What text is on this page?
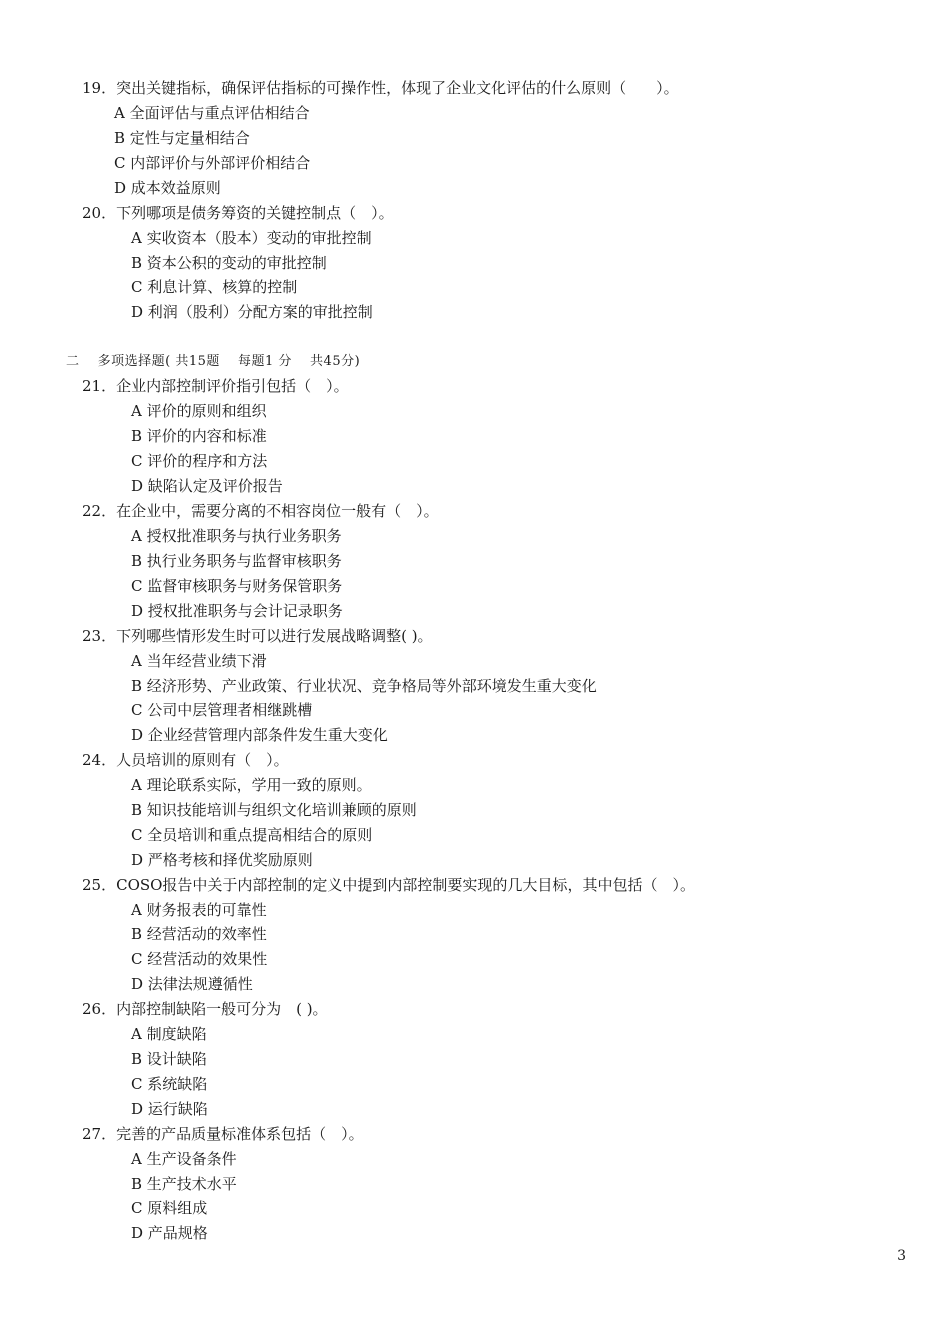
19．突出关键指标，确保评估指标的可操作性，体现了企业文化评估的什么原则（　　）。
A 全面评估与重点评估相结合
B 定性与定量相结合
C 内部评价与外部评价相结合
D 成本效益原则
20．下列哪项是债务筹资的关键控制点（　）。
A 实收资本（股本）变动的审批控制
B 资本公积的变动的审批控制
C 利息计算、核算的控制
D 利润（股利）分配方案的审批控制
二　 多项选择题( 共15题　 每题1 分　 共45分)
21．企业内部控制评价指引包括（　）。
A 评价的原则和组织
B 评价的内容和标准
C 评价的程序和方法
D 缺陷认定及评价报告
22．在企业中，需要分离的不相容岗位一般有（　）。
A 授权批准职务与执行业务职务
B 执行业务职务与监督审核职务
C 监督审核职务与财务保管职务
D 授权批准职务与会计记录职务
23．下列哪些情形发生时可以进行发展战略调整( )。
A 当年经营业绩下滑
B 经济形势、产业政策、行业状况、竞争格局等外部环境发生重大变化
C 公司中层管理者相继跳槽
D 企业经营管理内部条件发生重大变化
24．人员培训的原则有（　）。
A 理论联系实际，学用一致的原则。
B 知识技能培训与组织文化培训兼顾的原则
C 全员培训和重点提高相结合的原则
D 严格考核和择优奖励原则
25．COSO报告中关于内部控制的定义中提到内部控制要实现的几大目标，其中包括（　）。
A 财务报表的可靠性
B 经营活动的效率性
C 经营活动的效果性
D 法律法规遵循性
26．内部控制缺陷一般可分为　( )。
A 制度缺陷
B 设计缺陷
C 系统缺陷
D 运行缺陷
27．完善的产品质量标准体系包括（　）。
A 生产设备条件
B 生产技术水平
C 原料组成
D 产品规格
3
